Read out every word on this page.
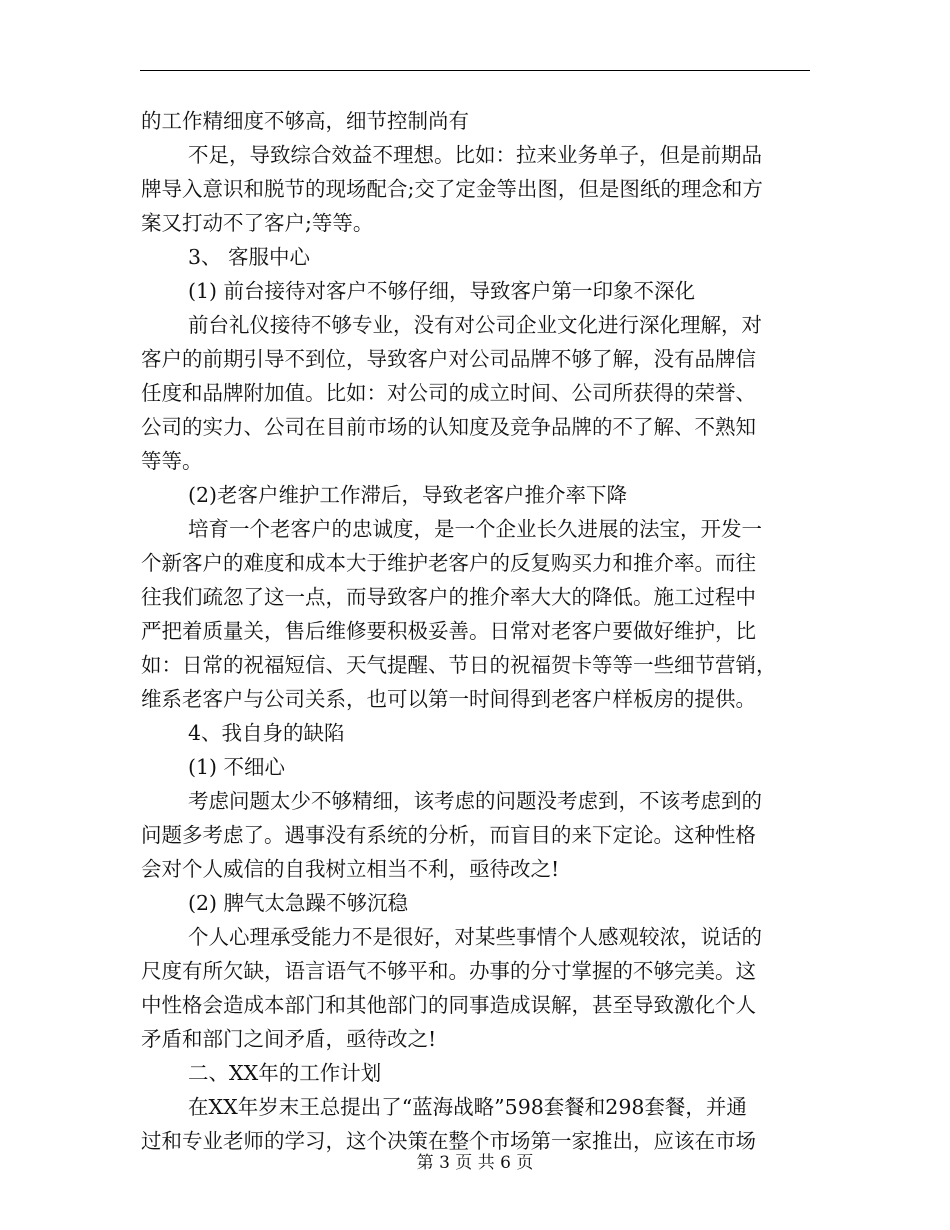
的工作精细度不够高，细节控制尚有
不足，导致综合效益不理想。比如：拉来业务单子，但是前期品
牌导入意识和脱节的现场配合;交了定金等出图，但是图纸的理念和方
案又打动不了客户;等等。
3、 客服中心
(1) 前台接待对客户不够仔细，导致客户第一印象不深化
前台礼仪接待不够专业，没有对公司企业文化进行深化理解，对
客户的前期引导不到位，导致客户对公司品牌不够了解，没有品牌信
任度和品牌附加值。比如：对公司的成立时间、公司所获得的荣誉、
公司的实力、公司在目前市场的认知度及竞争品牌的不了解、不熟知
等等。
(2)老客户维护工作滞后，导致老客户推介率下降
培育一个老客户的忠诚度，是一个企业长久进展的法宝，开发一
个新客户的难度和成本大于维护老客户的反复购买力和推介率。而往
往我们疏忽了这一点，而导致客户的推介率大大的降低。施工过程中
严把着质量关，售后维修要积极妥善。日常对老客户要做好维护，比
如：日常的祝福短信、天气提醒、节日的祝福贺卡等等一些细节营销，
维系老客户与公司关系，也可以第一时间得到老客户样板房的提供。
4、我自身的缺陷
(1) 不细心
考虑问题太少不够精细，该考虑的问题没考虑到，不该考虑到的
问题多考虑了。遇事没有系统的分析，而盲目的来下定论。这种性格
会对个人威信的自我树立相当不利，亟待改之!
(2) 脾气太急躁不够沉稳
个人心理承受能力不是很好，对某些事情个人感观较浓，说话的
尺度有所欠缺，语言语气不够平和。办事的分寸掌握的不够完美。这
中性格会造成本部门和其他部门的同事造成误解，甚至导致激化个人
矛盾和部门之间矛盾，亟待改之!
二、XX年的工作计划
在XX年岁末王总提出了“蓝海战略”598套餐和298套餐，并通
过和专业老师的学习，这个决策在整个市场第一家推出，应该在市场
第 3 页 共 6 页
